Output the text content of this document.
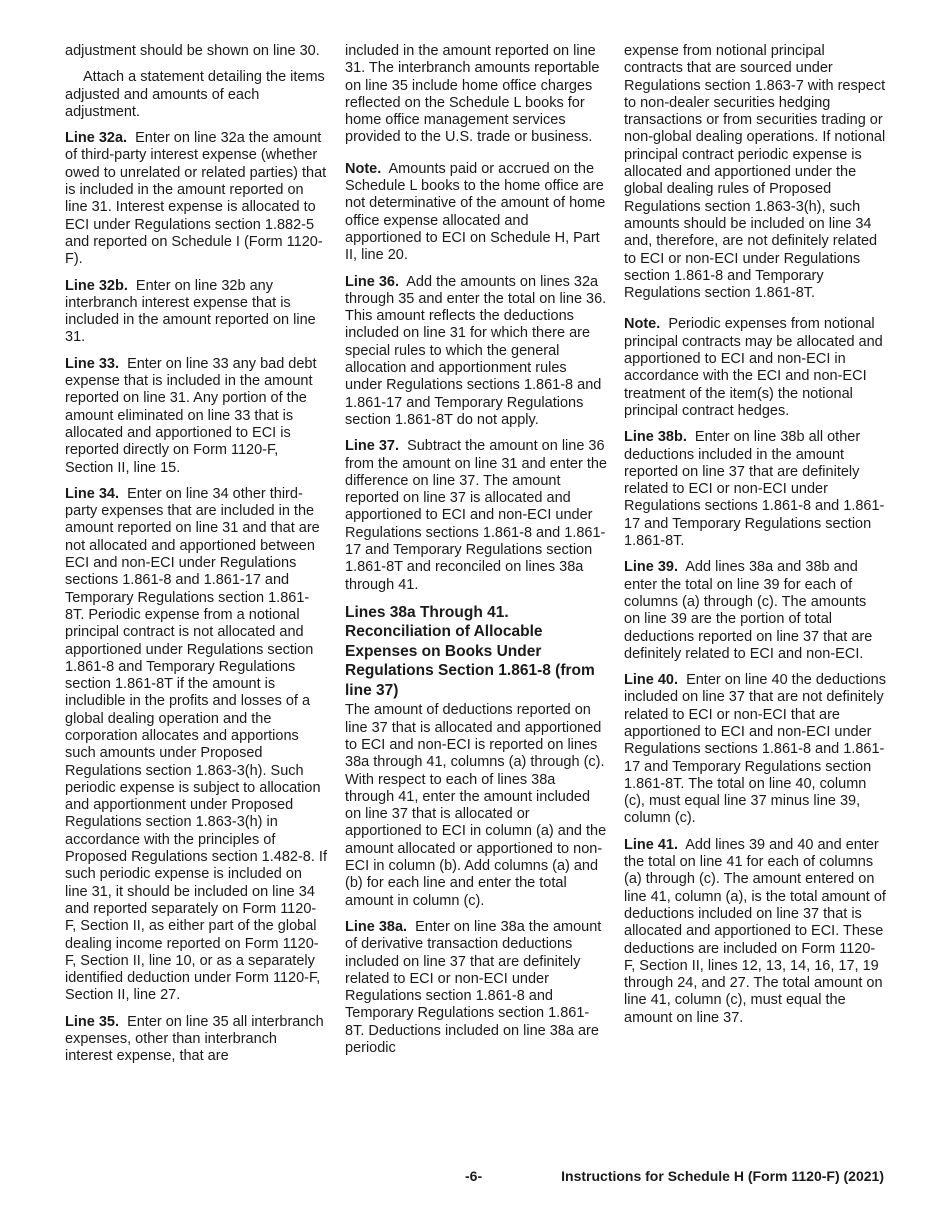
adjustment should be shown on line 30.

Attach a statement detailing the items adjusted and amounts of each adjustment.

Line 32a. Enter on line 32a the amount of third-party interest expense (whether owed to unrelated or related parties) that is included in the amount reported on line 31. Interest expense is allocated to ECI under Regulations section 1.882-5 and reported on Schedule I (Form 1120-F).

Line 32b. Enter on line 32b any interbranch interest expense that is included in the amount reported on line 31.

Line 33. Enter on line 33 any bad debt expense that is included in the amount reported on line 31. Any portion of the amount eliminated on line 33 that is allocated and apportioned to ECI is reported directly on Form 1120-F, Section II, line 15.

Line 34. Enter on line 34 other third-party expenses that are included in the amount reported on line 31 and that are not allocated and apportioned between ECI and non-ECI under Regulations sections 1.861-8 and 1.861-17 and Temporary Regulations section 1.861-8T. Periodic expense from a notional principal contract is not allocated and apportioned under Regulations section 1.861-8 and Temporary Regulations section 1.861-8T if the amount is includible in the profits and losses of a global dealing operation and the corporation allocates and apportions such amounts under Proposed Regulations section 1.863-3(h). Such periodic expense is subject to allocation and apportionment under Proposed Regulations section 1.863-3(h) in accordance with the principles of Proposed Regulations section 1.482-8. If such periodic expense is included on line 31, it should be included on line 34 and reported separately on Form 1120-F, Section II, as either part of the global dealing income reported on Form 1120-F, Section II, line 10, or as a separately identified deduction under Form 1120-F, Section II, line 27.

Line 35. Enter on line 35 all interbranch expenses, other than interbranch interest expense, that are

included in the amount reported on line 31. The interbranch amounts reportable on line 35 include home office charges reflected on the Schedule L books for home office management services provided to the U.S. trade or business.

Note. Amounts paid or accrued on the Schedule L books to the home office are not determinative of the amount of home office expense allocated and apportioned to ECI on Schedule H, Part II, line 20.

Line 36. Add the amounts on lines 32a through 35 and enter the total on line 36. This amount reflects the deductions included on line 31 for which there are special rules to which the general allocation and apportionment rules under Regulations sections 1.861-8 and 1.861-17 and Temporary Regulations section 1.861-8T do not apply.

Line 37. Subtract the amount on line 36 from the amount on line 31 and enter the difference on line 37. The amount reported on line 37 is allocated and apportioned to ECI and non-ECI under Regulations sections 1.861-8 and 1.861-17 and Temporary Regulations section 1.861-8T and reconciled on lines 38a through 41.

Lines 38a Through 41. Reconciliation of Allocable Expenses on Books Under Regulations Section 1.861-8 (from line 37)

The amount of deductions reported on line 37 that is allocated and apportioned to ECI and non-ECI is reported on lines 38a through 41, columns (a) through (c). With respect to each of lines 38a through 41, enter the amount included on line 37 that is allocated or apportioned to ECI in column (a) and the amount allocated or apportioned to non-ECI in column (b). Add columns (a) and (b) for each line and enter the total amount in column (c).

Line 38a. Enter on line 38a the amount of derivative transaction deductions included on line 37 that are definitely related to ECI or non-ECI under Regulations section 1.861-8 and Temporary Regulations section 1.861-8T. Deductions included on line 38a are periodic

expense from notional principal contracts that are sourced under Regulations section 1.863-7 with respect to non-dealer securities hedging transactions or from securities trading or non-global dealing operations. If notional principal contract periodic expense is allocated and apportioned under the global dealing rules of Proposed Regulations section 1.863-3(h), such amounts should be included on line 34 and, therefore, are not definitely related to ECI or non-ECI under Regulations section 1.861-8 and Temporary Regulations section 1.861-8T.

Note. Periodic expenses from notional principal contracts may be allocated and apportioned to ECI and non-ECI in accordance with the ECI and non-ECI treatment of the item(s) the notional principal contract hedges.

Line 38b. Enter on line 38b all other deductions included in the amount reported on line 37 that are definitely related to ECI or non-ECI under Regulations sections 1.861-8 and 1.861-17 and Temporary Regulations section 1.861-8T.

Line 39. Add lines 38a and 38b and enter the total on line 39 for each of columns (a) through (c). The amounts on line 39 are the portion of total deductions reported on line 37 that are definitely related to ECI and non-ECI.

Line 40. Enter on line 40 the deductions included on line 37 that are not definitely related to ECI or non-ECI that are apportioned to ECI and non-ECI under Regulations sections 1.861-8 and 1.861-17 and Temporary Regulations section 1.861-8T. The total on line 40, column (c), must equal line 37 minus line 39, column (c).

Line 41. Add lines 39 and 40 and enter the total on line 41 for each of columns (a) through (c). The amount entered on line 41, column (a), is the total amount of deductions included on line 37 that is allocated and apportioned to ECI. These deductions are included on Form 1120-F, Section II, lines 12, 13, 14, 16, 17, 19 through 24, and 27. The total amount on line 41, column (c), must equal the amount on line 37.

-6-	Instructions for Schedule H (Form 1120-F) (2021)
